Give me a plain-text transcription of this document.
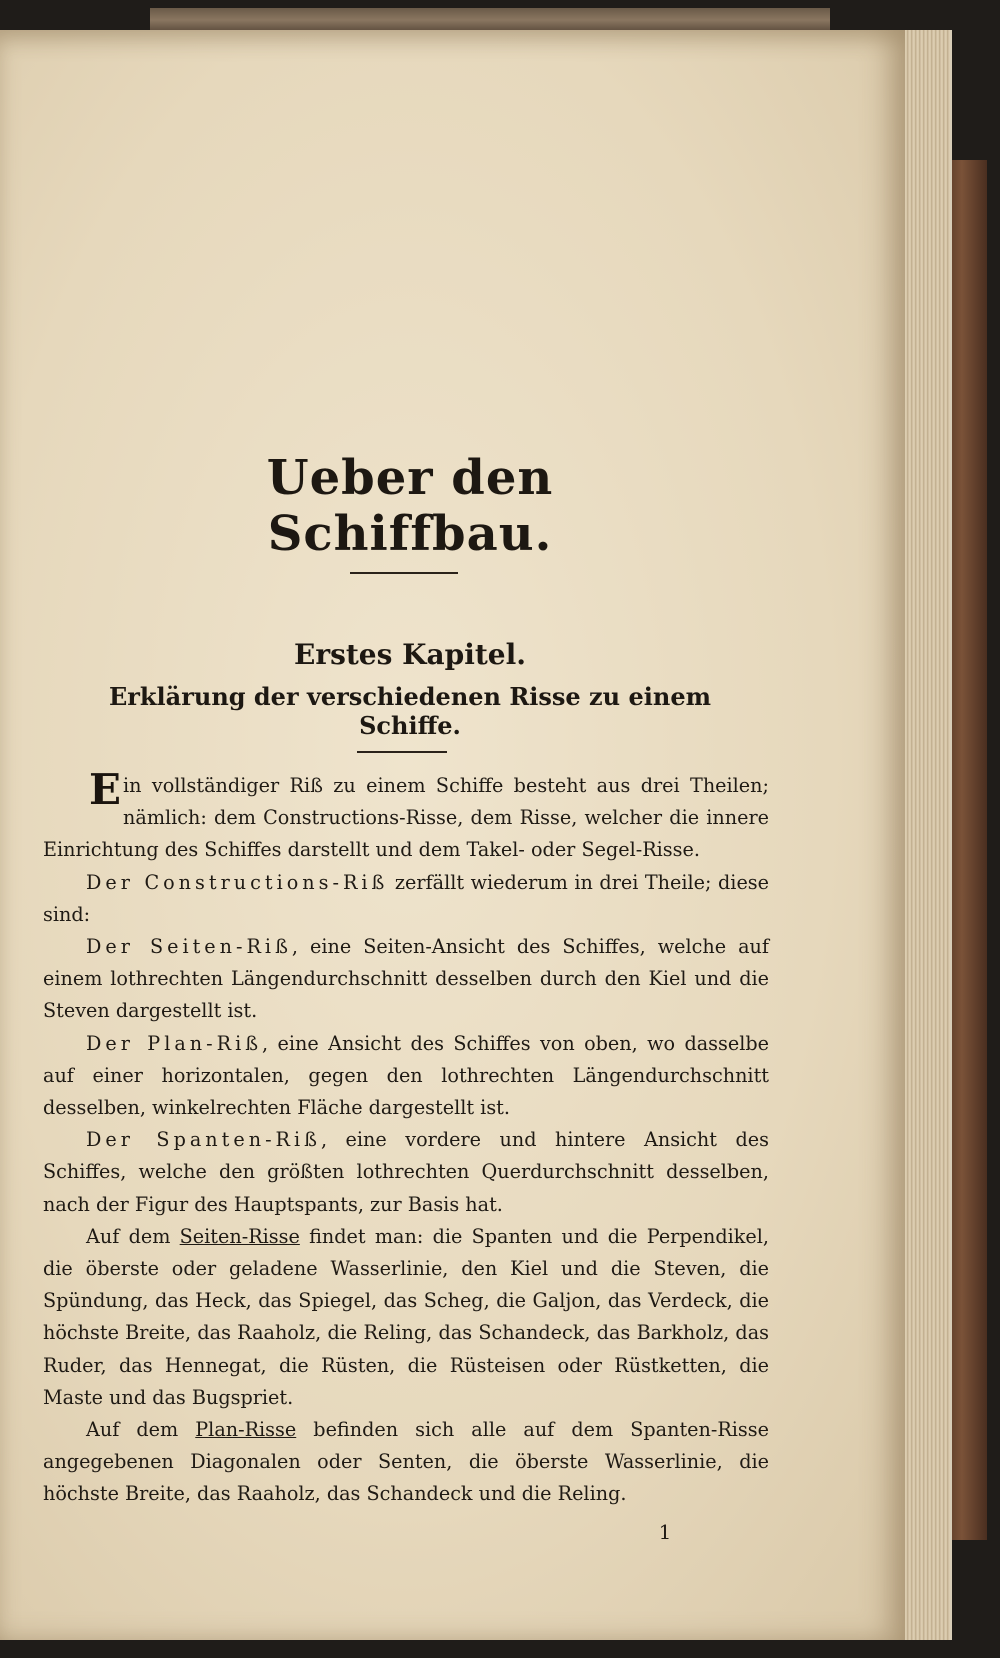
Ueber den Schiffbau.
Erstes Kapitel.
Erklärung der verschiedenen Risse zu einem Schiffe.

Ein vollständiger Riß zu einem Schiffe besteht aus drei Theilen; nämlich: dem Constructions-Risse, dem Risse, welcher die innere Einrichtung des Schiffes darstellt und dem Takel- oder Segel-Risse.

Der Constructions-Riß zerfällt wiederum in drei Theile; diese sind:

Der Seiten-Riß, eine Seiten-Ansicht des Schiffes, welche auf einem lothrechten Längendurchschnitt desselben durch den Kiel und die Steven dargestellt ist.

Der Plan-Riß, eine Ansicht des Schiffes von oben, wo dasselbe auf einer horizontalen, gegen den lothrechten Längendurchschnitt desselben, winkelrechten Fläche dargestellt ist.

Der Spanten-Riß, eine vordere und hintere Ansicht des Schiffes, welche den größten lothrechten Querdurchschnitt desselben, nach der Figur des Hauptspants, zur Basis hat.

Auf dem Seiten-Risse findet man: die Spanten und die Perpendikel, die öberste oder geladene Wasserlinie, den Kiel und die Steven, die Spündung, das Heck, das Spiegel, das Scheg, die Galjon, das Verdeck, die höchste Breite, das Raaholz, die Reling, das Schandeck, das Barkholz, das Ruder, das Hennegat, die Rüsten, die Rüsteisen oder Rüstketten, die Maste und das Bugspriet.

Auf dem Plan-Risse befinden sich alle auf dem Spanten-Risse angegebenen Diagonalen oder Senten, die öberste Wasserlinie, die höchste Breite, das Raaholz, das Schandeck und die Reling.

1
